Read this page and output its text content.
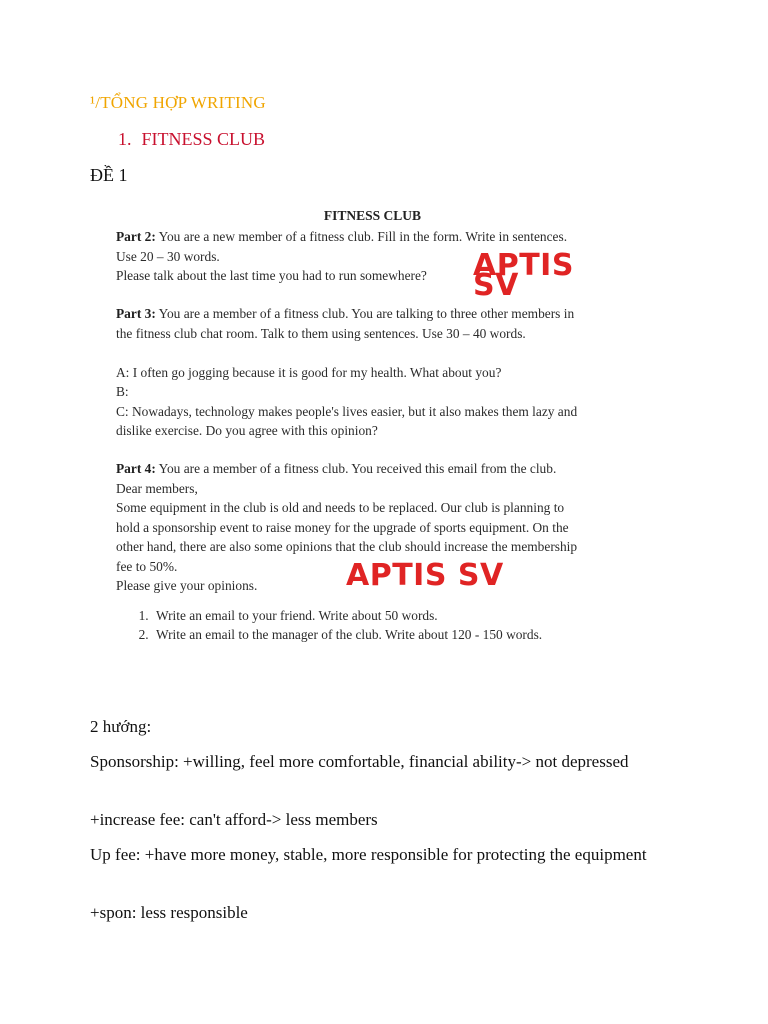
¹/TỔNG HỢP WRITING
1. FITNESS CLUB
ĐỀ 1
FITNESS CLUB

Part 2: You are a new member of a fitness club. Fill in the form. Write in sentences.

Use 20 – 30 words.

Please talk about the last time you had to run somewhere?	APTIS SV

Part 3: You are a member of a fitness club. You are talking to three other members in

the fitness club chat room. Talk to them using sentences. Use 30 – 40 words.

A: I often go jogging because it is good for my health. What about you?

B:

C: Nowadays, technology makes people's lives easier, but it also makes them lazy and

dislike exercise. Do you agree with this opinion?

Part 4: You are a member of a fitness club. You received this email from the club.

Dear members,

Some equipment in the club is old and needs to be replaced. Our club is planning to

hold a sponsorship event to raise money for the upgrade of sports equipment. On the

other hand, there are also some opinions that the club should increase the membership

fee to 50%.

Please give your opinions.

1. Write an email to your friend. Write about 50 words.
2. Write an email to the manager of the club. Write about 120 - 150 words.
APTIS SV

2 hướng:

Sponsorship: +willing, feel more comfortable, financial ability-> not depressed

+increase fee: can't afford-> less members

Up fee: +have more money, stable, more responsible for protecting the equipment

+spon: less responsible
